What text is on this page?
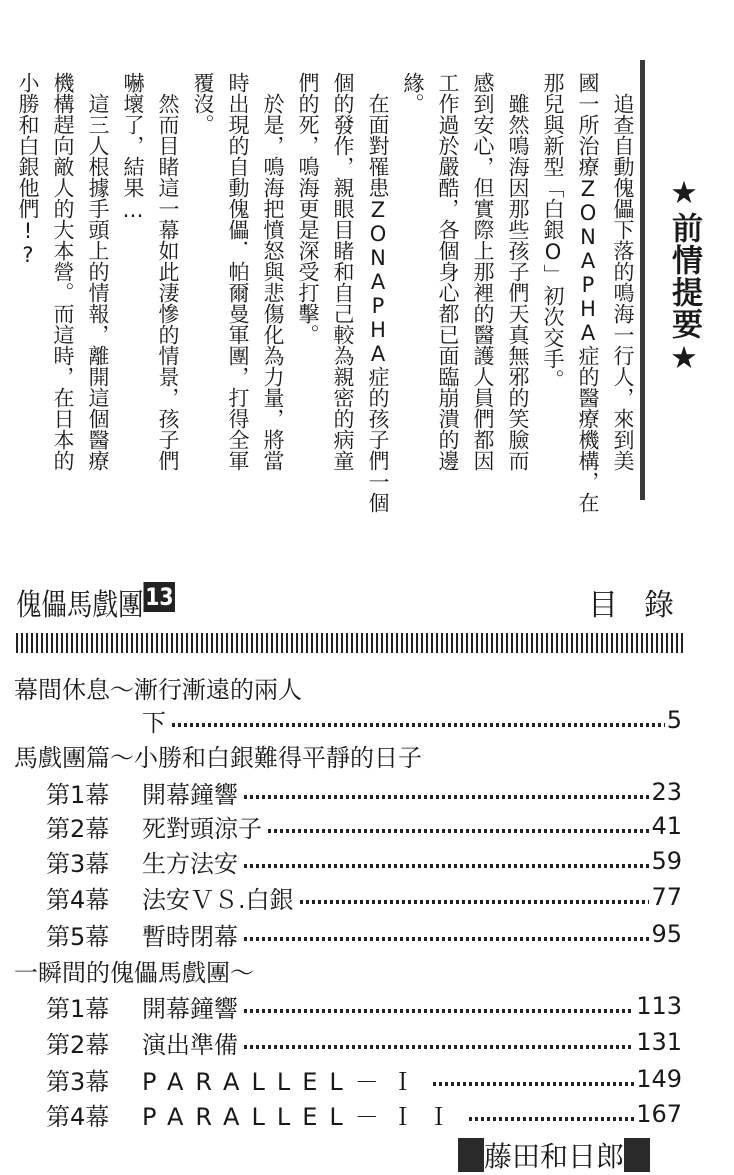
追查自動傀儡下落的鳴海一行人，來到美
國一所治療ZONAPHA症的醫療機構，在
那兒與新型「白銀O」初次交手。
雖然鳴海因那些孩子們天真無邪的笑臉而
感到安心，但實際上那裡的醫護人員們都因
工作過於嚴酷，各個身心都已面臨崩潰的邊
緣。
在面對罹患ZONAPHA症的孩子們一個
個的發作，親眼目睹和自己較為親密的病童
們的死，鳴海更是深受打擊。
於是，鳴海把憤怒與悲傷化為力量，將當
時出現的自動傀儡．帕爾曼軍團，打得全軍
覆沒。
然而目睹這一幕如此淒慘的情景，孩子們
嚇壞了，結果…
這三人根據手頭上的情報，離開這個醫療
機構趕向敵人的大本營。而這時，在日本的
小勝和白銀他們!?
★前情提要★
傀儡馬戲團13	目錄
幕間休息～漸行漸遠的兩人
下	5
馬戲團篇～小勝和白銀難得平靜的日子
第1幕	開幕鐘響	23
第2幕	死對頭涼子	41
第3幕	生方法安	59
第4幕	法安ＶＳ.白銀	77
第5幕	暫時閉幕	95
一瞬間的傀儡馬戲團～
第1幕	開幕鐘響	113
第2幕	演出準備	131
第3幕	PARALLEL－Ｉ	149
第4幕	PARALLEL－ＩＩ	167
藤田和日郎
